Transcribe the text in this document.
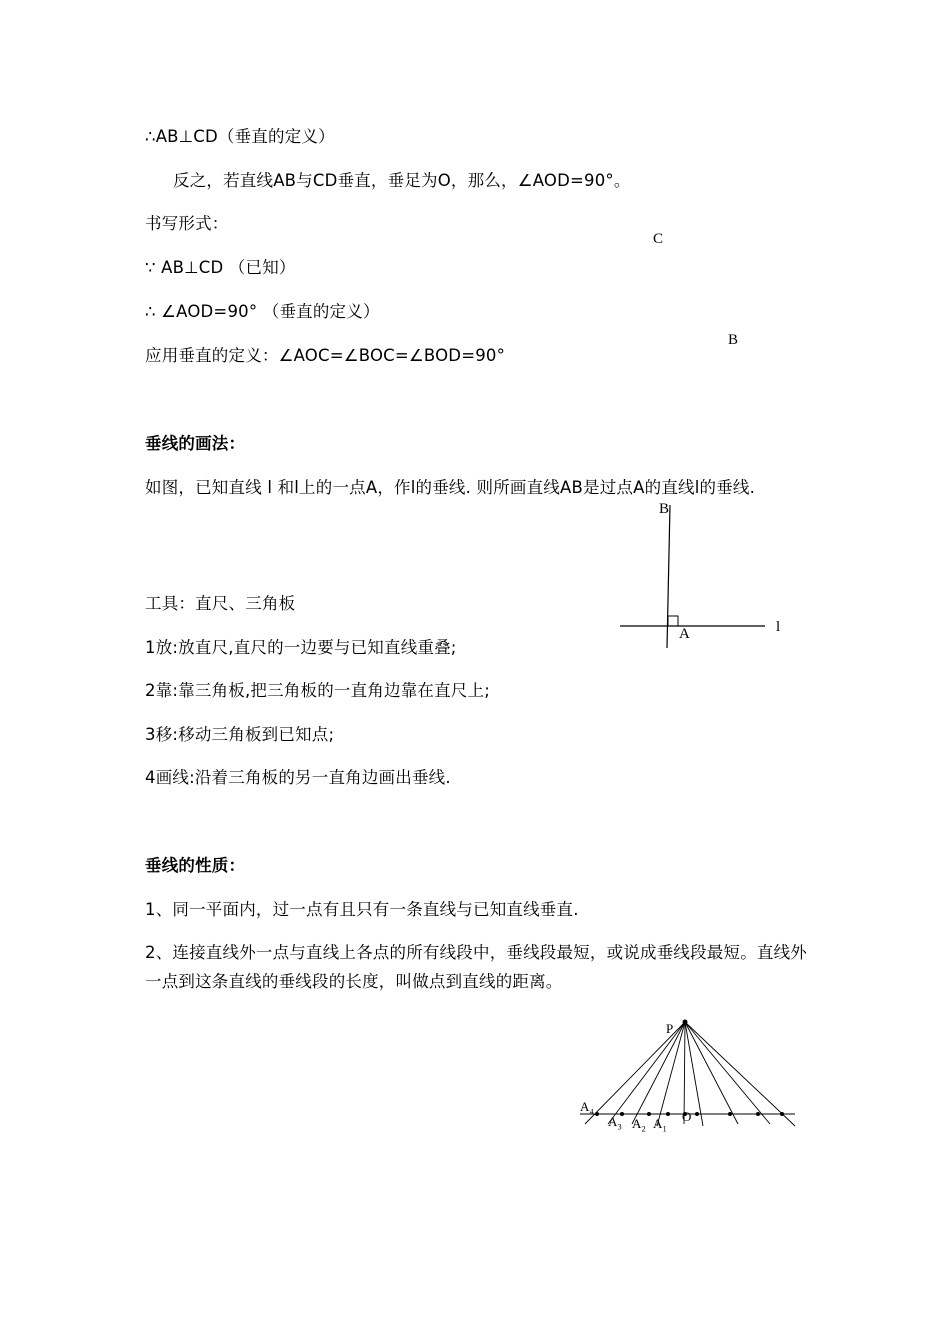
∴AB⊥CD（垂直的定义）
反之，若直线AB与CD垂直，垂足为O，那么，∠AOD=90°。
书写形式：
∵ AB⊥CD （已知）
∴ ∠AOD=90° （垂直的定义）
应用垂直的定义：∠AOC=∠BOC=∠BOD=90°
C
B
垂线的画法：
如图，已知直线 l 和l上的一点A，作l的垂线. 则所画直线AB是过点A的直线l的垂线.
工具：直尺、三角板
1放:放直尺,直尺的一边要与已知直线重叠;
2靠:靠三角板,把三角板的一直角边靠在直尺上;
3移:移动三角板到已知点;
4画线:沿着三角板的另一直角边画出垂线.
垂线的性质：
1、同一平面内，过一点有且只有一条直线与已知直线垂直.
2、连接直线外一点与直线上各点的所有线段中，垂线段最短，或说成垂线段最短。直线外一点到这条直线的垂线段的长度，叫做点到直线的距离。
B
A	l
P
$A_4$
$A_3$ $A_2$ $A_1$
O
